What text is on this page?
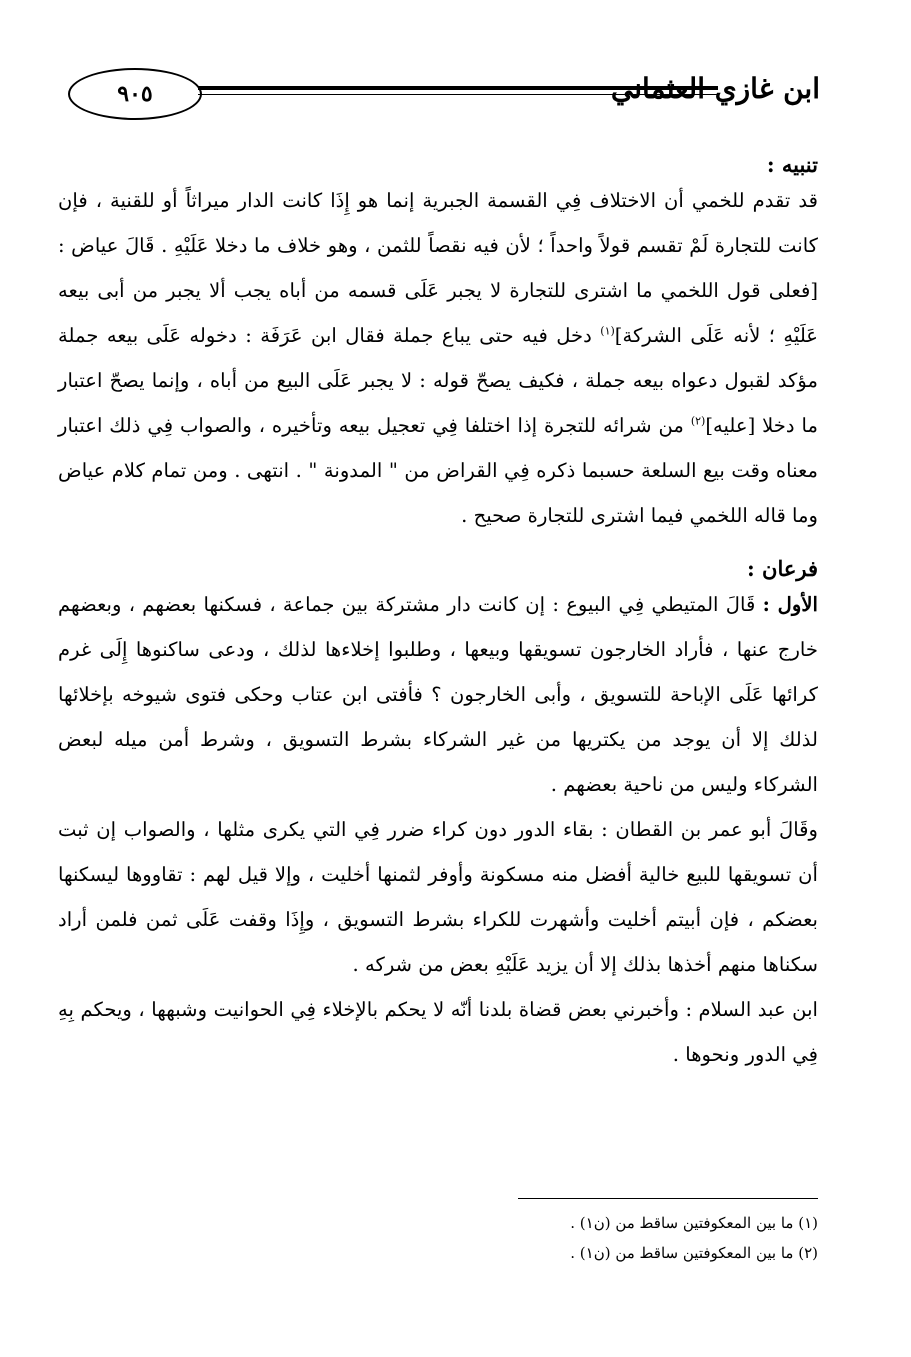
٩٠٥	ابن غازي العثماني

تنبيه :

قد تقدم للخمي أن الاختلاف فِي القسمة الجبرية إنما هو إِذَا كانت الدار ميراثاً أو للقنية ، فإن كانت للتجارة لَمْ تقسم قولاً واحداً ؛ لأن فيه نقصاً للثمن ، وهو خلاف ما دخلا عَلَيْهِ . قَالَ عياض : [فعلى قول اللخمي ما اشترى للتجارة لا يجبر عَلَى قسمه من أباه يجب ألا يجبر من أبى بيعه عَلَيْهِ ؛ لأنه عَلَى الشركة]$^{(١)}$ دخل فيه حتى يباع جملة فقال ابن عَرَفَة : دخوله عَلَى بيعه جملة مؤكد لقبول دعواه بيعه جملة ، فكيف يصحّ قوله : لا يجبر عَلَى البيع من أباه ، وإنما يصحّ اعتبار ما دخلا [عليه]$^{(٢)}$ من شرائه للتجرة إذا اختلفا فِي تعجيل بيعه وتأخيره ، والصواب فِي ذلك اعتبار معناه وقت بيع السلعة حسبما ذكره فِي القراض من " المدونة " . انتهى . ومن تمام كلام عياض وما قاله اللخمي فيما اشترى للتجارة صحيح .

فرعان :

الأول : قَالَ المتيطي فِي البيوع : إن كانت دار مشتركة بين جماعة ، فسكنها بعضهم ، وبعضهم خارج عنها ، فأراد الخارجون تسويقها وبيعها ، وطلبوا إخلاءها لذلك ، ودعى ساكنوها إِلَى غرم كرائها عَلَى الإباحة للتسويق ، وأبى الخارجون ؟ فأفتى ابن عتاب وحكى فتوى شيوخه بإخلائها لذلك إلا أن يوجد من يكتريها من غير الشركاء بشرط التسويق ، وشرط أمن ميله لبعض الشركاء وليس من ناحية بعضهم .

وقَالَ أبو عمر بن القطان : بقاء الدور دون كراء ضرر فِي التي يكرى مثلها ، والصواب إن ثبت أن تسويقها للبيع خالية أفضل منه مسكونة وأوفر لثمنها أخليت ، وإلا قيل لهم : تقاووها ليسكنها بعضكم ، فإن أبيتم أخليت وأشهرت للكراء بشرط التسويق ، وإِذَا وقفت عَلَى ثمن فلمن أراد سكناها منهم أخذها بذلك إلا أن يزيد عَلَيْهِ بعض من شركه .

ابن عبد السلام : وأخبرني بعض قضاة بلدنا أنّه لا يحكم بالإخلاء فِي الحوانيت وشبهها ، ويحكم بِهِ فِي الدور ونحوها .

(١) ما بين المعكوفتين ساقط من (ن١) .

(٢) ما بين المعكوفتين ساقط من (ن١) .
